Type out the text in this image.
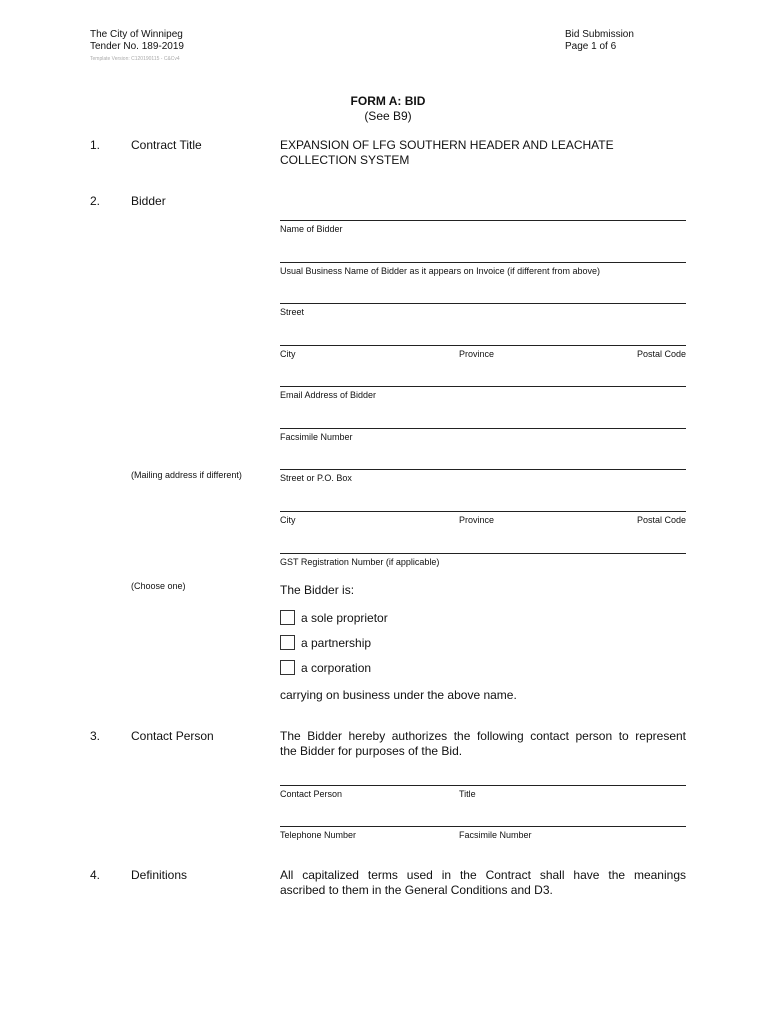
The City of Winnipeg
Tender No. 189-2019
Template Version: C120190115 - C&Cv4
Bid Submission
Page 1 of 6
FORM A: BID
(See B9)
1.	Contract Title	EXPANSION OF LFG SOUTHERN HEADER AND LEACHATE
COLLECTION SYSTEM
2.	Bidder
Name of Bidder
Usual Business Name of Bidder as it appears on Invoice (if different from above)
Street
City	Province	Postal Code
Email Address of Bidder
Facsimile Number
(Mailing address if different)	Street or P.O. Box
City	Province	Postal Code
GST Registration Number (if applicable)
(Choose one)	The Bidder is:
a sole proprietor
a partnership
a corporation
carrying on business under the above name.
3.	Contact Person	The Bidder hereby authorizes the following contact person to represent
the Bidder for purposes of the Bid.
Contact Person	Title
Telephone Number	Facsimile Number
4.	Definitions	All capitalized terms used in the Contract shall have the meanings
ascribed to them in the General Conditions and D3.
